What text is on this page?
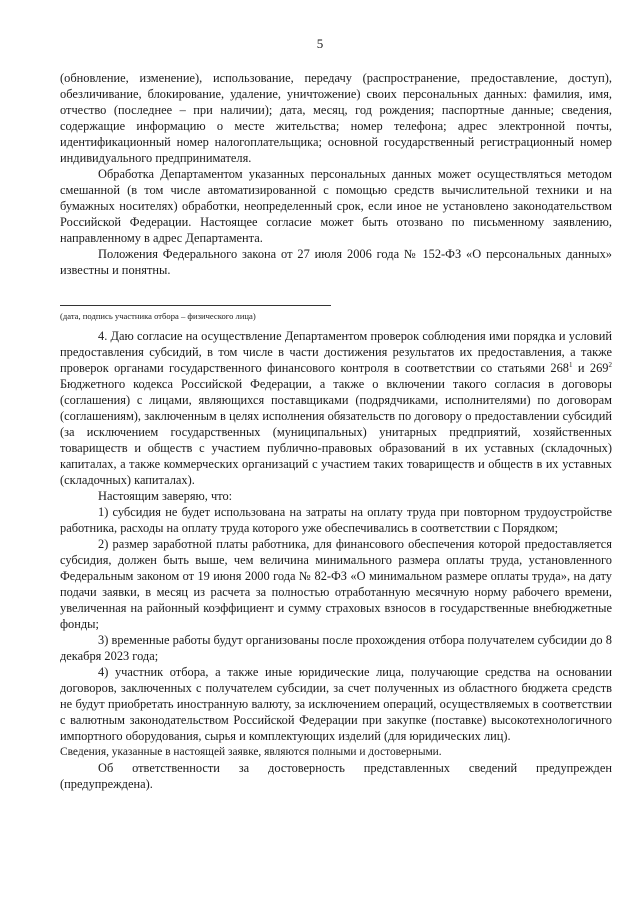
5

(обновление, изменение), использование, передачу (распространение, предоставление, доступ), обезличивание, блокирование, удаление, уничтожение) своих персональных данных: фамилия, имя, отчество (последнее – при наличии); дата, месяц, год рождения; паспортные данные; сведения, содержащие информацию о месте жительства; номер телефона; адрес электронной почты, идентификационный номер налогоплательщика; основной государственный регистрационный номер индивидуального предпринимателя.

Обработка Департаментом указанных персональных данных может осуществляться методом смешанной (в том числе автоматизированной с помощью средств вычислительной техники и на бумажных носителях) обработки, неопределенный срок, если иное не установлено законодательством Российской Федерации. Настоящее согласие может быть отозвано по письменному заявлению, направленному в адрес Департамента.

Положения Федерального закона от 27 июля 2006 года № 152-ФЗ «О персональных данных» известны и понятны.

(дата, подпись участника отбора – физического лица)

4. Даю согласие на осуществление Департаментом проверок соблюдения ими порядка и условий предоставления субсидий, в том числе в части достижения результатов их предоставления, а также проверок органами государственного финансового контроля в соответствии со статьями $268^1$ и $269^2$ Бюджетного кодекса Российской Федерации, а также о включении такого согласия в договоры (соглашения) с лицами, являющихся поставщиками (подрядчиками, исполнителями) по договорам (соглашениям), заключенным в целях исполнения обязательств по договору о предоставлении субсидий (за исключением государственных (муниципальных) унитарных предприятий, хозяйственных товариществ и обществ с участием публично-правовых образований в их уставных (складочных) капиталах, а также коммерческих организаций с участием таких товариществ и обществ в их уставных (складочных) капиталах).

Настоящим заверяю, что:

1) субсидия не будет использована на затраты на оплату труда при повторном трудоустройстве работника, расходы на оплату труда которого уже обеспечивались в соответствии с Порядком;

2) размер заработной платы работника, для финансового обеспечения которой предоставляется субсидия, должен быть выше, чем величина минимального размера оплаты труда, установленного Федеральным законом от 19 июня 2000 года № 82-ФЗ «О минимальном размере оплаты труда», на дату подачи заявки, в месяц из расчета за полностью отработанную месячную норму рабочего времени, увеличенная на районный коэффициент и сумму страховых взносов в государственные внебюджетные фонды;

3) временные работы будут организованы после прохождения отбора получателем субсидии до 8 декабря 2023 года;

4) участник отбора, а также иные юридические лица, получающие средства на основании договоров, заключенных с получателем субсидии, за счет полученных из областного бюджета средств не будут приобретать иностранную валюту, за исключением операций, осуществляемых в соответствии с валютным законодательством Российской Федерации при закупке (поставке) высокотехнологичного импортного оборудования, сырья и комплектующих изделий (для юридических лиц).

Сведения, указанные в настоящей заявке, являются полными и достоверными.

Об ответственности за достоверность представленных сведений предупрежден (предупреждена).
